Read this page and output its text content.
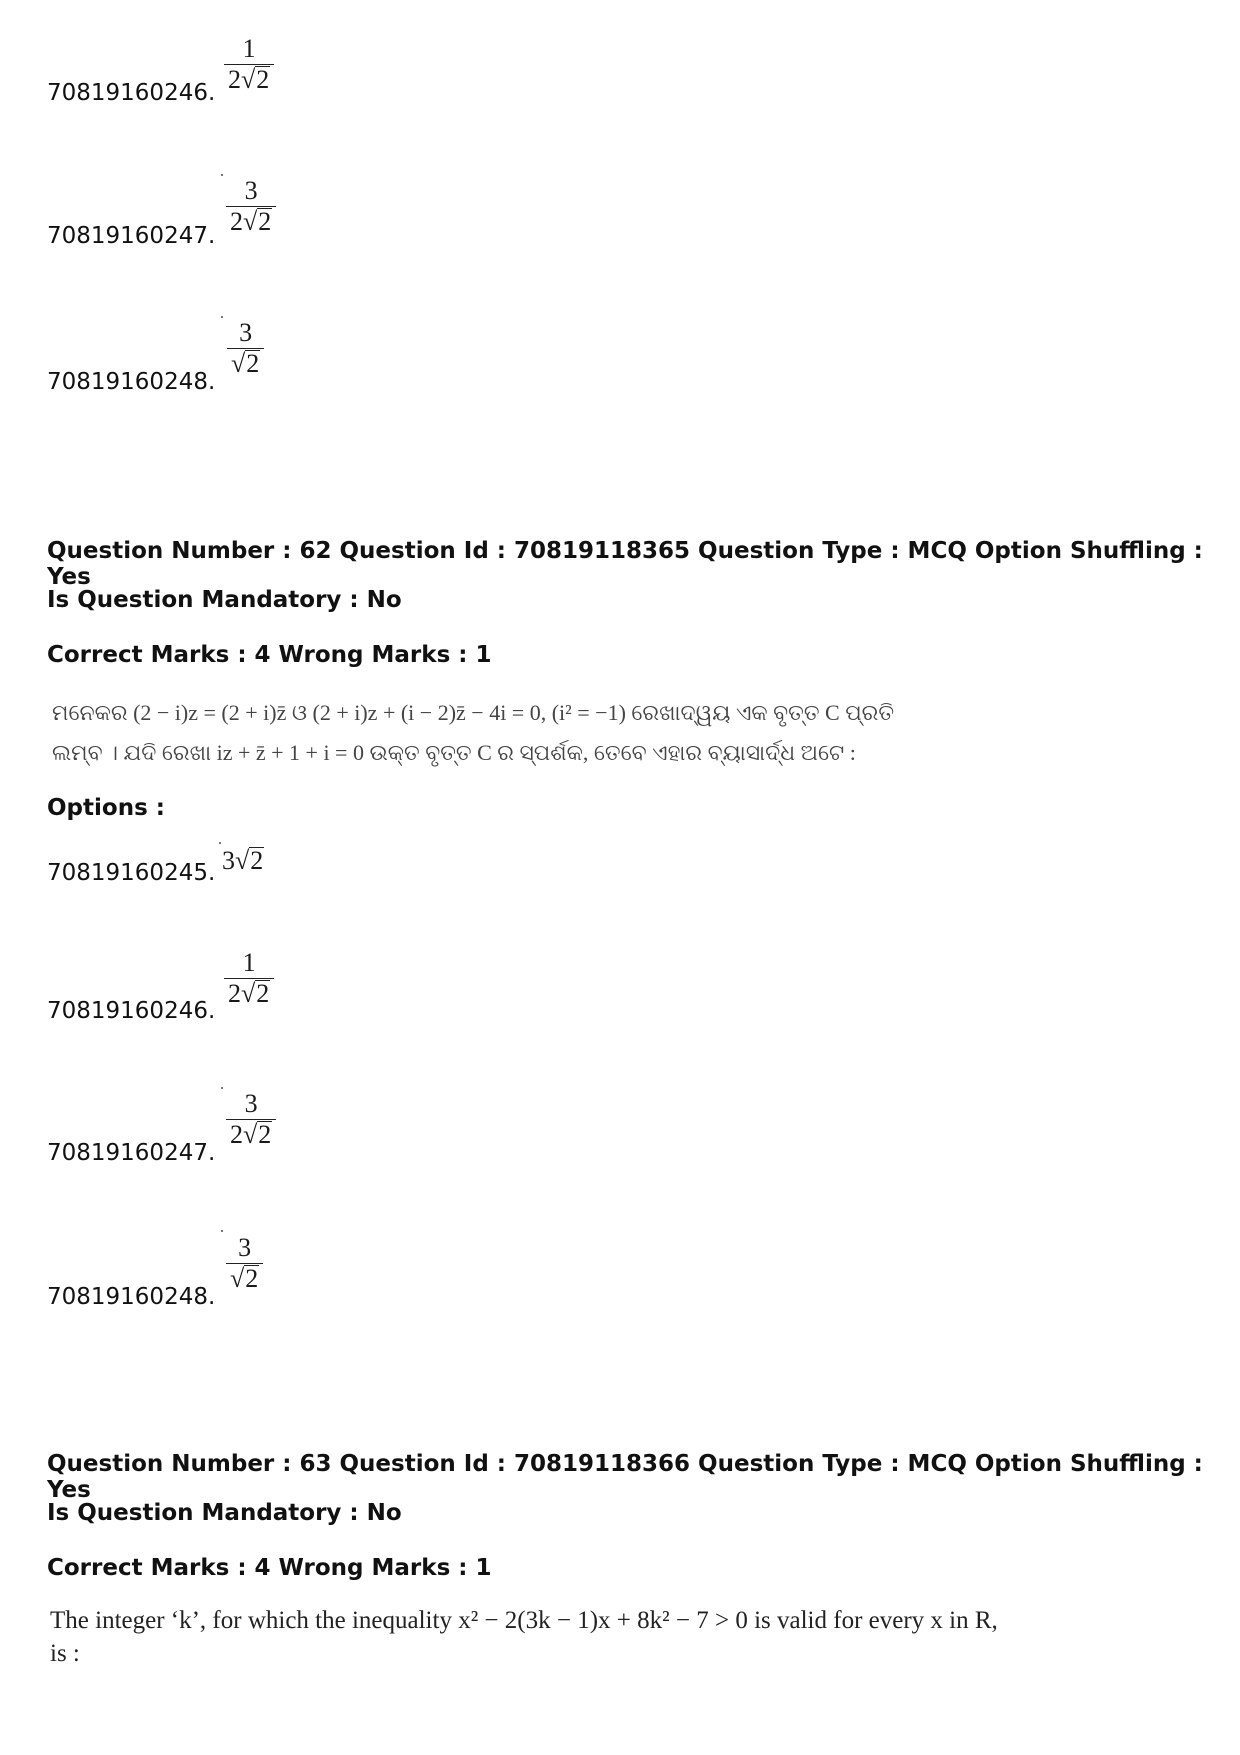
70819160246. $\frac{1}{2√2}$
70819160247. $\frac{3}{2√2}$
70819160248.
$\frac{3}{√2}$
Question Number : 62 Question Id : 70819118365 Question Type : MCQ Option Shuffling : Yes
Is Question Mandatory : No
Correct Marks : 4 Wrong Marks : 1
ମନେକର (2 − i)z = (2 + i)z̄ ଓ (2 + i)z + (i − 2)z̄ − 4i = 0, (i² = −1) ରେଖାଦ୍ୱୟ ଏକ ବୃତ୍ତ C ପ୍ରତି
ଲମ୍ବ । ଯଦି ରେଖା iz + z̄ + 1 + i = 0 ଉକ୍ତ ବୃତ୍ତ C ର ସ୍ପର୍ଶକ, ତେବେ ଏହାର ବ୍ୟାସାର୍ଦ୍ଧ ଅଟେ :
Options :
70819160245. 3√2
70819160246.
$\frac{1}{2√2}$
70819160247.
$\frac{3}{2√2}$
70819160248.
$\frac{3}{√2}$
Question Number : 63 Question Id : 70819118366 Question Type : MCQ Option Shuffling : Yes
Is Question Mandatory : No
Correct Marks : 4 Wrong Marks : 1
The integer ‘k’, for which the inequality x² − 2(3k − 1)x + 8k² − 7 > 0 is valid for every x in R,
is :
